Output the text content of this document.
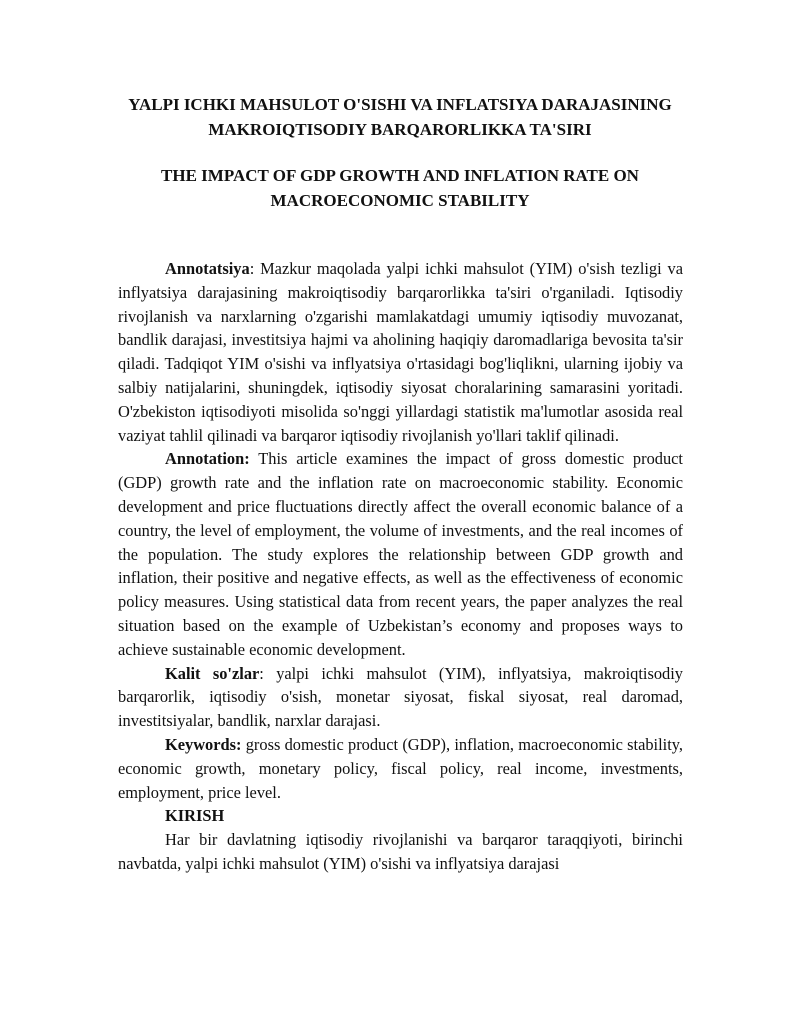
YALPI ICHKI MAHSULOT O'SISHI VA INFLATSIYA DARAJASINING MAKROIQTISODIY BARQARORLIKKA TA'SIRI
THE IMPACT OF GDP GROWTH AND INFLATION RATE ON MACROECONOMIC STABILITY

Annotatsiya: Mazkur maqolada yalpi ichki mahsulot (YIM) o'sish tezligi va inflyatsiya darajasining makroiqtisodiy barqarorlikka ta'siri o'rganiladi. Iqtisodiy rivojlanish va narxlarning o'zgarishi mamlakatdagi umumiy iqtisodiy muvozanat, bandlik darajasi, investitsiya hajmi va aholining haqiqiy daromadlariga bevosita ta'sir qiladi. Tadqiqot YIM o'sishi va inflyatsiya o'rtasidagi bog'liqlikni, ularning ijobiy va salbiy natijalarini, shuningdek, iqtisodiy siyosat choralarining samarasini yoritadi. O'zbekiston iqtisodiyoti misolida so'nggi yillardagi statistik ma'lumotlar asosida real vaziyat tahlil qilinadi va barqaror iqtisodiy rivojlanish yo'llari taklif qilinadi.

Annotation: This article examines the impact of gross domestic product (GDP) growth rate and the inflation rate on macroeconomic stability. Economic development and price fluctuations directly affect the overall economic balance of a country, the level of employment, the volume of investments, and the real incomes of the population. The study explores the relationship between GDP growth and inflation, their positive and negative effects, as well as the effectiveness of economic policy measures. Using statistical data from recent years, the paper analyzes the real situation based on the example of Uzbekistan’s economy and proposes ways to achieve sustainable economic development.

Kalit so'zlar: yalpi ichki mahsulot (YIM), inflyatsiya, makroiqtisodiy barqarorlik, iqtisodiy o'sish, monetar siyosat, fiskal siyosat, real daromad, investitsiyalar, bandlik, narxlar darajasi.

Keywords: gross domestic product (GDP), inflation, macroeconomic stability, economic growth, monetary policy, fiscal policy, real income, investments, employment, price level.

KIRISH

Har bir davlatning iqtisodiy rivojlanishi va barqaror taraqqiyoti, birinchi navbatda, yalpi ichki mahsulot (YIM) o'sishi va inflyatsiya darajasi
